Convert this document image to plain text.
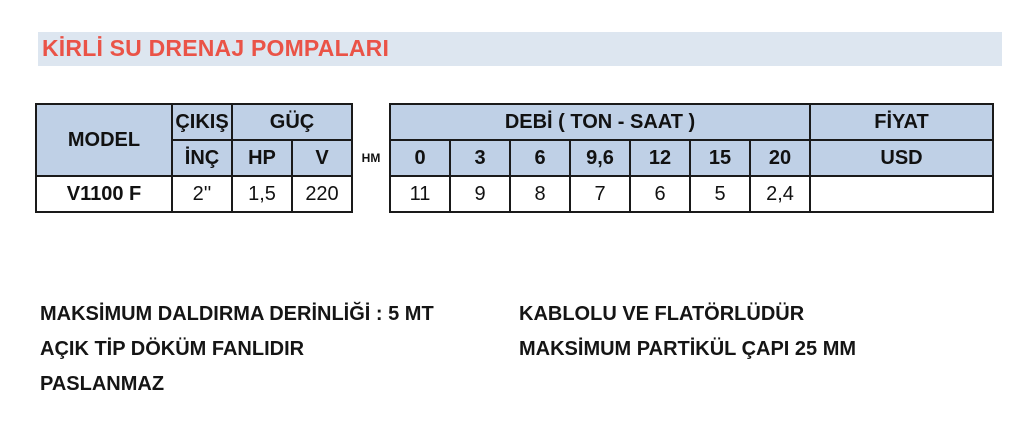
KİRLİ SU DRENAJ POMPALARI
MODEL	ÇIKIŞ	GÜÇ			DEBİ ( TON - SAAT )							FİYAT
	İNÇ	HP	V	HM	0	3	6	9,6	12	15	20	USD
V1100 F	2''	1,5	220		11	9	8	7	6	5	2,4	
MAKSİMUM DALDIRMA DERİNLİĞİ : 5 MT
AÇIK TİP DÖKÜM FANLIDIR
PASLANMAZ
KABLOLU VE FLATÖRLÜDÜR
MAKSİMUM PARTİKÜL ÇAPI 25 MM
